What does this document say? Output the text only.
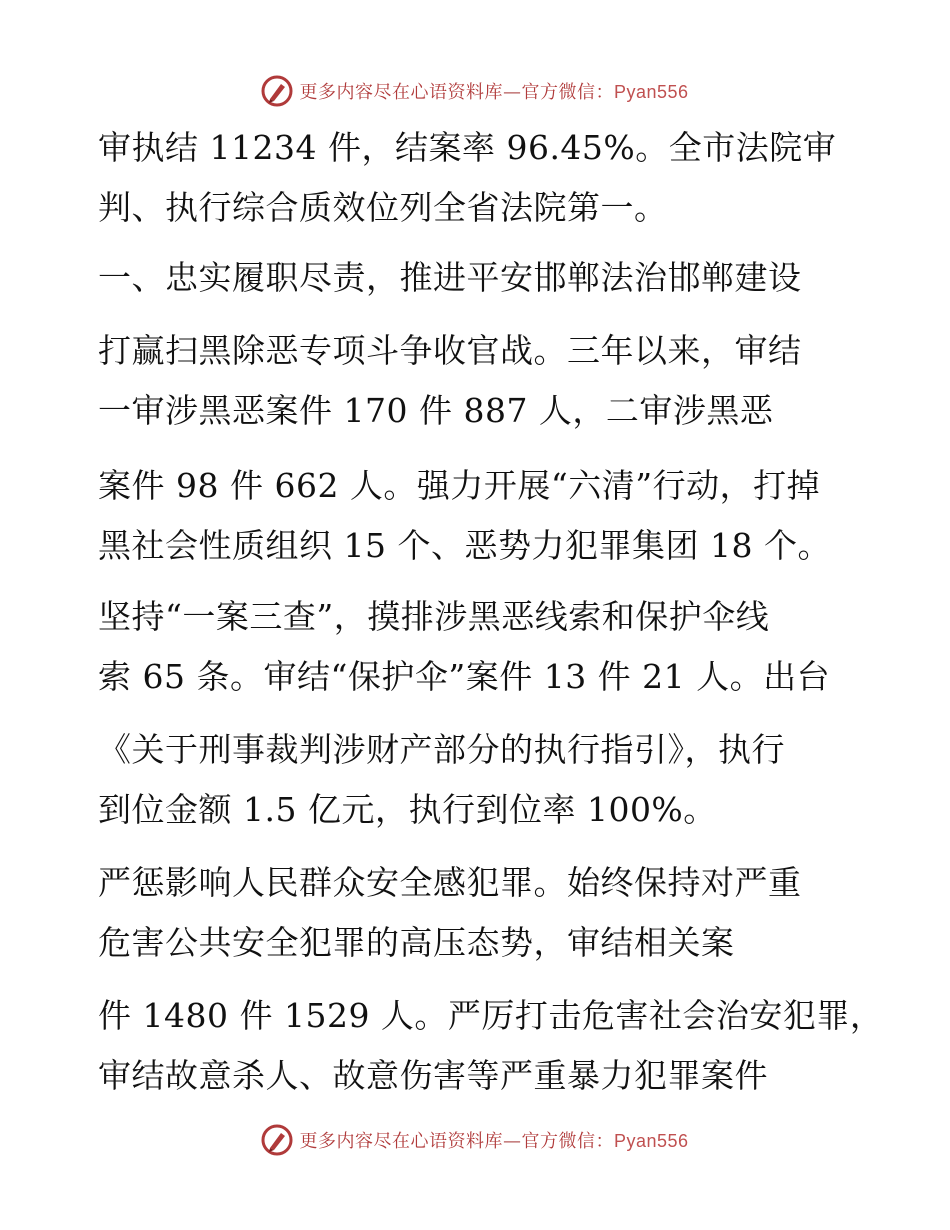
更多内容尽在心语资料库—官方微信：Pyan556
审执结 11234 件，结案率 96.45%。全市法院审
判、执行综合质效位列全省法院第一。
一、忠实履职尽责，推进平安邯郸法治邯郸建设
打赢扫黑除恶专项斗争收官战。三年以来，审结
一审涉黑恶案件 170 件 887 人，二审涉黑恶
案件 98 件 662 人。强力开展“六清”行动，打掉
黑社会性质组织 15 个、恶势力犯罪集团 18 个。
坚持“一案三查”，摸排涉黑恶线索和保护伞线
索 65 条。审结“保护伞”案件 13 件 21 人。出台
《关于刑事裁判涉财产部分的执行指引》，执行
到位金额 1.5 亿元，执行到位率 100%。
严惩影响人民群众安全感犯罪。始终保持对严重
危害公共安全犯罪的高压态势，审结相关案
件 1480 件 1529 人。严厉打击危害社会治安犯罪，
审结故意杀人、故意伤害等严重暴力犯罪案件
更多内容尽在心语资料库—官方微信：Pyan556
